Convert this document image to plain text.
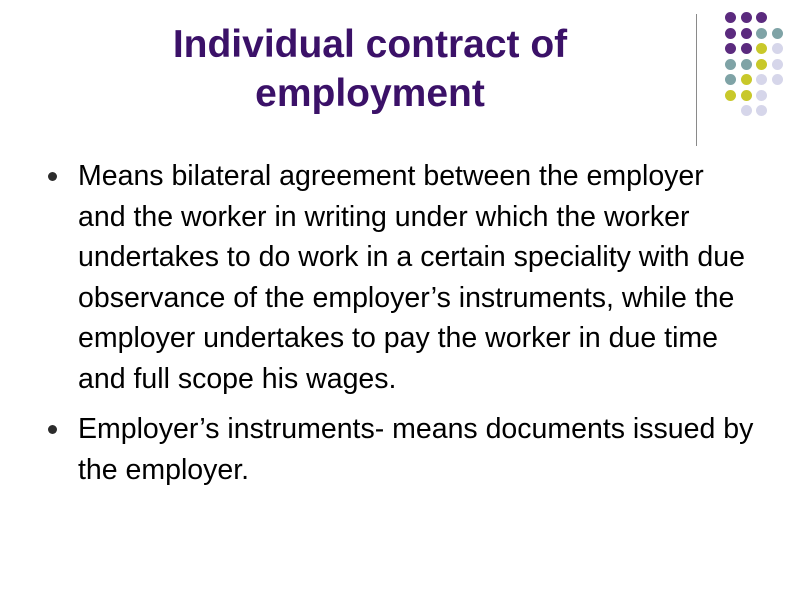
Individual contract of employment
Means bilateral agreement between the employer and the worker in writing under which the worker undertakes to do work in a certain speciality with due observance of the employer’s instruments, while the employer undertakes to pay the worker in due time and full scope his wages.
Employer’s instruments- means documents issued by the employer.
